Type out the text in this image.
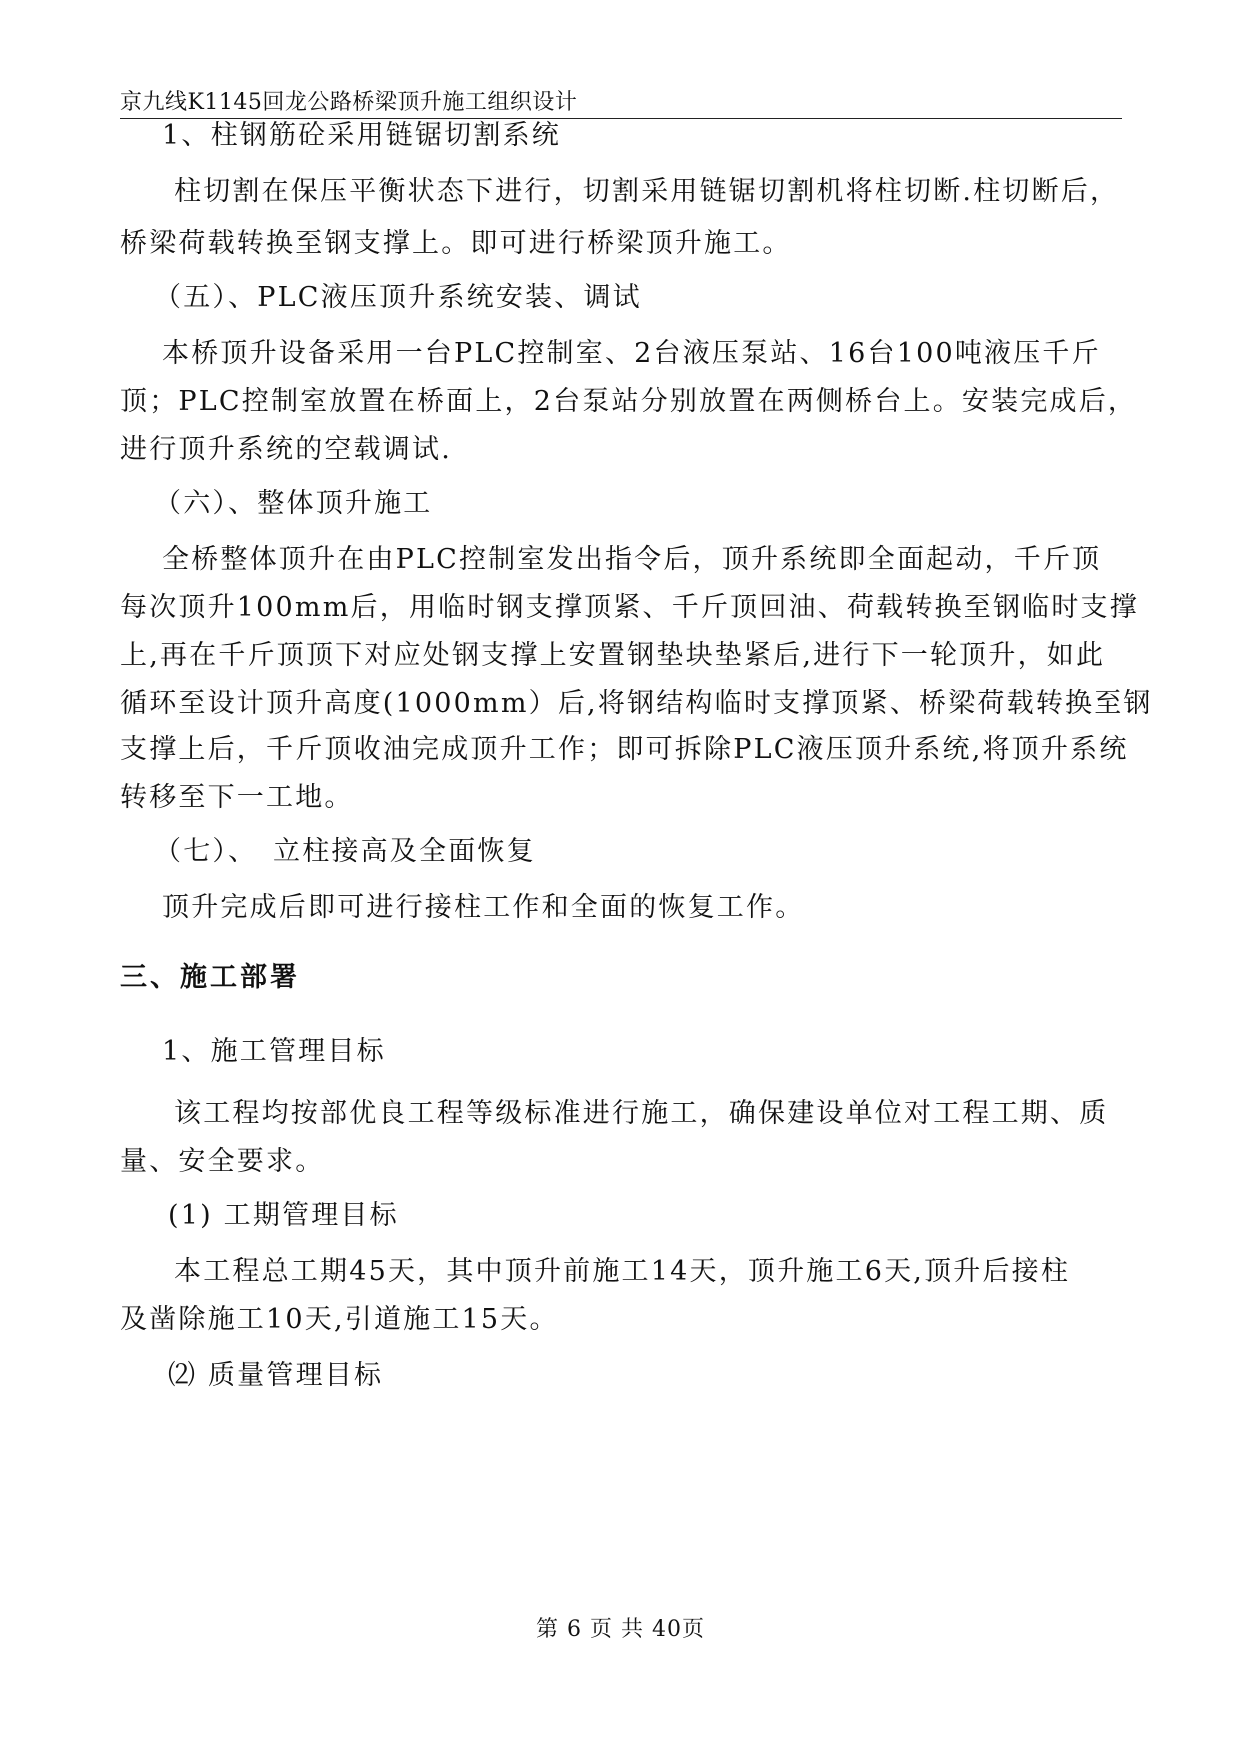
京九线K1145回龙公路桥梁顶升施工组织设计
1、柱钢筋砼采用链锯切割系统
柱切割在保压平衡状态下进行，切割采用链锯切割机将柱切断.柱切断后，
桥梁荷载转换至钢支撑上。即可进行桥梁顶升施工。
（五）、PLC液压顶升系统安装、调试
本桥顶升设备采用一台PLC控制室、2台液压泵站、16台100吨液压千斤
顶；PLC控制室放置在桥面上，2台泵站分别放置在两侧桥台上。安装完成后，
进行顶升系统的空载调试.
（六）、整体顶升施工
全桥整体顶升在由PLC控制室发出指令后，顶升系统即全面起动，千斤顶
每次顶升100mm后，用临时钢支撑顶紧、千斤顶回油、荷载转换至钢临时支撑
上,再在千斤顶顶下对应处钢支撑上安置钢垫块垫紧后,进行下一轮顶升，如此
循环至设计顶升高度(1000mm）后,将钢结构临时支撑顶紧、桥梁荷载转换至钢
支撑上后，千斤顶收油完成顶升工作；即可拆除PLC液压顶升系统,将顶升系统
转移至下一工地。
（七）、　立柱接高及全面恢复
顶升完成后即可进行接柱工作和全面的恢复工作。
三、施工部署
1、施工管理目标
该工程均按部优良工程等级标准进行施工，确保建设单位对工程工期、质
量、安全要求。
(1) 工期管理目标
本工程总工期45天，其中顶升前施工14天，顶升施工6天,顶升后接柱
及凿除施工10天,引道施工15天。
⑵ 质量管理目标
第 6 页 共 40页
